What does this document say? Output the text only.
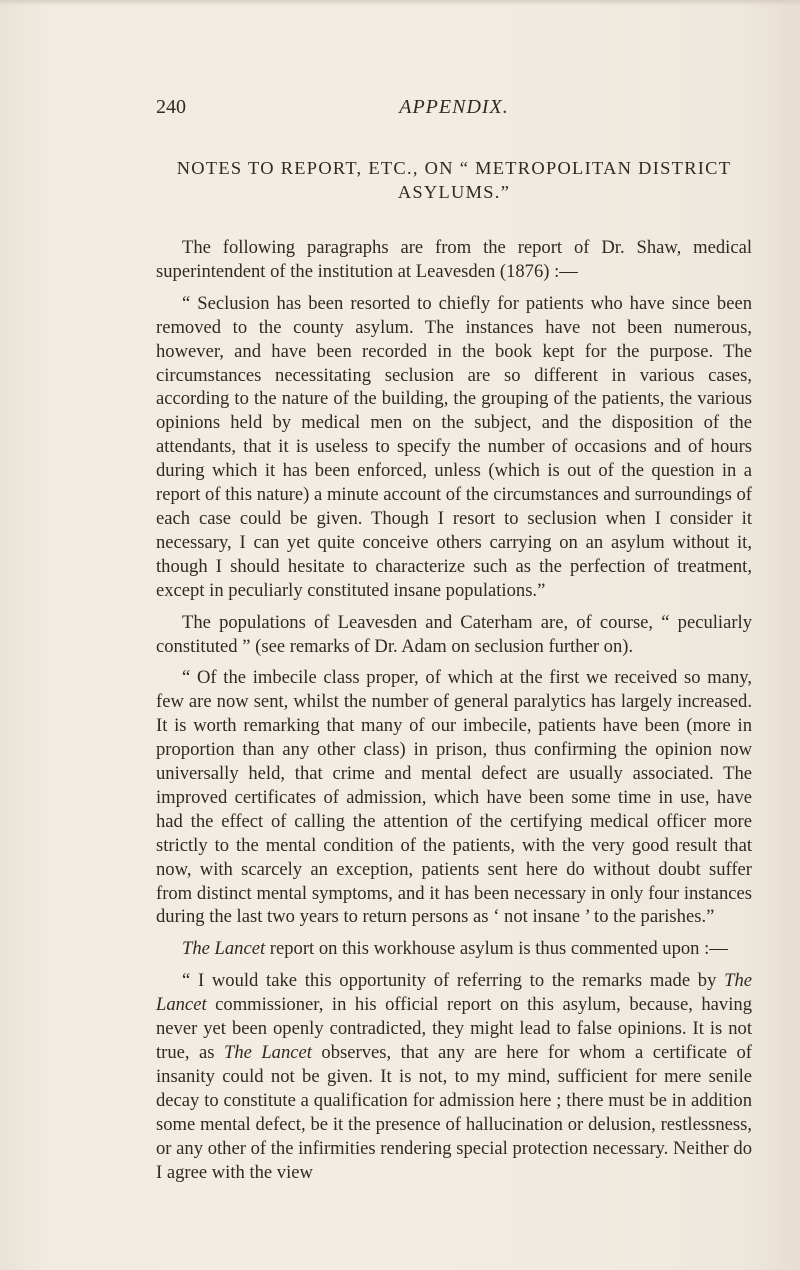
240	APPENDIX.
NOTES TO REPORT, ETC., ON “ METROPOLITAN DISTRICT
ASYLUMS.”

The following paragraphs are from the report of Dr. Shaw, medical superintendent of the institution at Leavesden (1876) :—

“ Seclusion has been resorted to chiefly for patients who have since been removed to the county asylum. The instances have not been numerous, however, and have been recorded in the book kept for the purpose. The circumstances necessitating seclusion are so different in various cases, according to the nature of the building, the grouping of the patients, the various opinions held by medical men on the subject, and the disposition of the attendants, that it is useless to specify the number of occasions and of hours during which it has been enforced, unless (which is out of the question in a report of this nature) a minute account of the circumstances and surroundings of each case could be given. Though I resort to seclusion when I consider it necessary, I can yet quite conceive others carrying on an asylum without it, though I should hesitate to characterize such as the perfection of treatment, except in peculiarly constituted insane populations.”

The populations of Leavesden and Caterham are, of course, “ peculiarly constituted ” (see remarks of Dr. Adam on seclusion further on).

“ Of the imbecile class proper, of which at the first we received so many, few are now sent, whilst the number of general paralytics has largely increased. It is worth remarking that many of our imbecile, patients have been (more in proportion than any other class) in prison, thus confirming the opinion now universally held, that crime and mental defect are usually associated. The improved certificates of admission, which have been some time in use, have had the effect of calling the attention of the certifying medical officer more strictly to the mental condition of the patients, with the very good result that now, with scarcely an exception, patients sent here do without doubt suffer from distinct mental symptoms, and it has been necessary in only four instances during the last two years to return persons as ‘ not insane ’ to the parishes.”

The Lancet report on this workhouse asylum is thus commented upon :—

“ I would take this opportunity of referring to the remarks made by The Lancet commissioner, in his official report on this asylum, because, having never yet been openly contradicted, they might lead to false opinions. It is not true, as The Lancet observes, that any are here for whom a certificate of insanity could not be given. It is not, to my mind, sufficient for mere senile decay to constitute a qualification for admission here ; there must be in addition some mental defect, be it the presence of hallucination or delusion, restlessness, or any other of the infirmities rendering special protection necessary. Neither do I agree with the view
